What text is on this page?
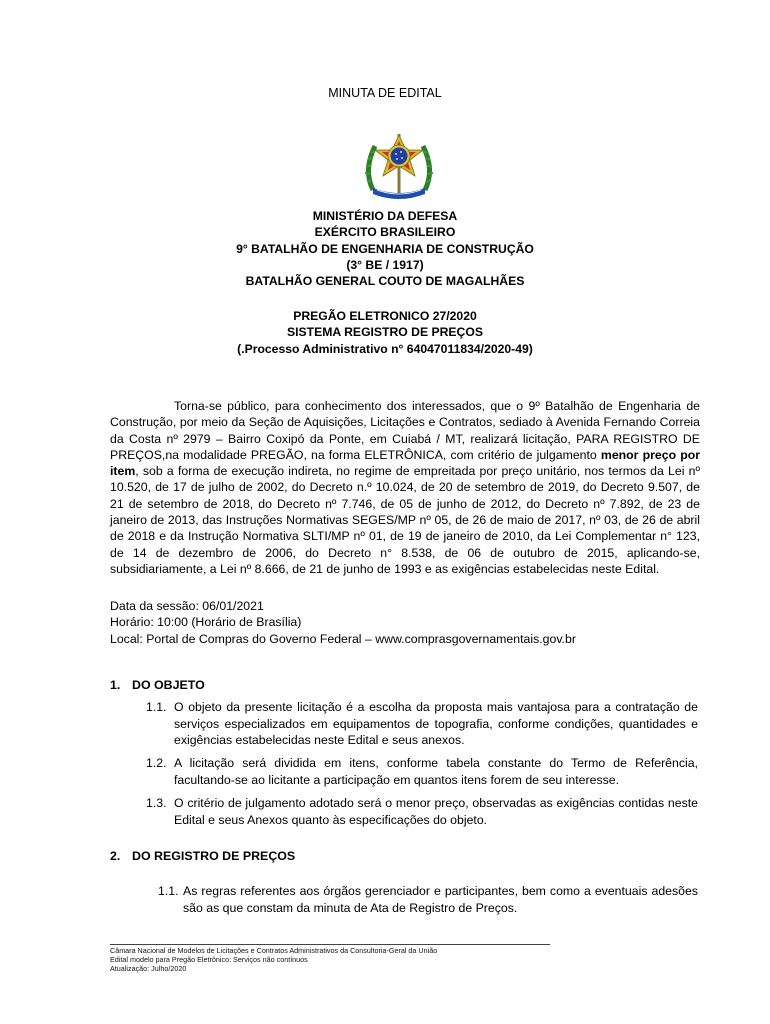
MINUTA DE EDITAL
MINISTÉRIO DA DEFESA
EXÉRCITO BRASILEIRO
9° BATALHÃO DE ENGENHARIA DE CONSTRUÇÃO
(3° BE / 1917)
BATALHÃO GENERAL COUTO DE MAGALHÃES
PREGÃO ELETRONICO 27/2020
SISTEMA REGISTRO DE PREÇOS
(.Processo Administrativo n° 64047011834/2020-49)
Torna-se público, para conhecimento dos interessados, que o 9º Batalhão de Engenharia de Construção, por meio da Seção de Aquisições, Licitações e Contratos, sediado à Avenida Fernando Correia da Costa nº 2979 – Bairro Coxipó da Ponte, em Cuiabá / MT, realizará licitação, PARA REGISTRO DE PREÇOS,na modalidade PREGÃO, na forma ELETRÔNICA, com critério de julgamento menor preço por item, sob a forma de execução indireta, no regime de empreitada por preço unitário, nos termos da Lei nº 10.520, de 17 de julho de 2002, do Decreto n.º 10.024, de 20 de setembro de 2019, do Decreto 9.507, de 21 de setembro de 2018, do Decreto nº 7.746, de 05 de junho de 2012, do Decreto nº 7.892, de 23 de janeiro de 2013, das Instruções Normativas SEGES/MP nº 05, de 26 de maio de 2017, nº 03, de 26 de abril de 2018 e da Instrução Normativa SLTI/MP nº 01, de 19 de janeiro de 2010, da Lei Complementar n° 123, de 14 de dezembro de 2006, do Decreto n° 8.538, de 06 de outubro de 2015, aplicando-se, subsidiariamente, a Lei nº 8.666, de 21 de junho de 1993 e as exigências estabelecidas neste Edital.
Data da sessão: 06/01/2021
Horário: 10:00 (Horário de Brasília)
Local: Portal de Compras do Governo Federal – www.comprasgovernamentais.gov.br
1. DO OBJETO
1.1. O objeto da presente licitação é a escolha da proposta mais vantajosa para a contratação de serviços especializados em equipamentos de topografia, conforme condições, quantidades e exigências estabelecidas neste Edital e seus anexos.
1.2. A licitação será dividida em itens, conforme tabela constante do Termo de Referência, facultando-se ao licitante a participação em quantos itens forem de seu interesse.
1.3. O critério de julgamento adotado será o menor preço, observadas as exigências contidas neste Edital e seus Anexos quanto às especificações do objeto.
2. DO REGISTRO DE PREÇOS
1.1. As regras referentes aos órgãos gerenciador e participantes, bem como a eventuais adesões são as que constam da minuta de Ata de Registro de Preços.
Câmara Nacional de Modelos de Licitações e Contratos Administrativos da Consultoria-Geral da União
Edital modelo para Pregão Eletrônico: Serviços não contínuos
Atualização: Julho/2020
